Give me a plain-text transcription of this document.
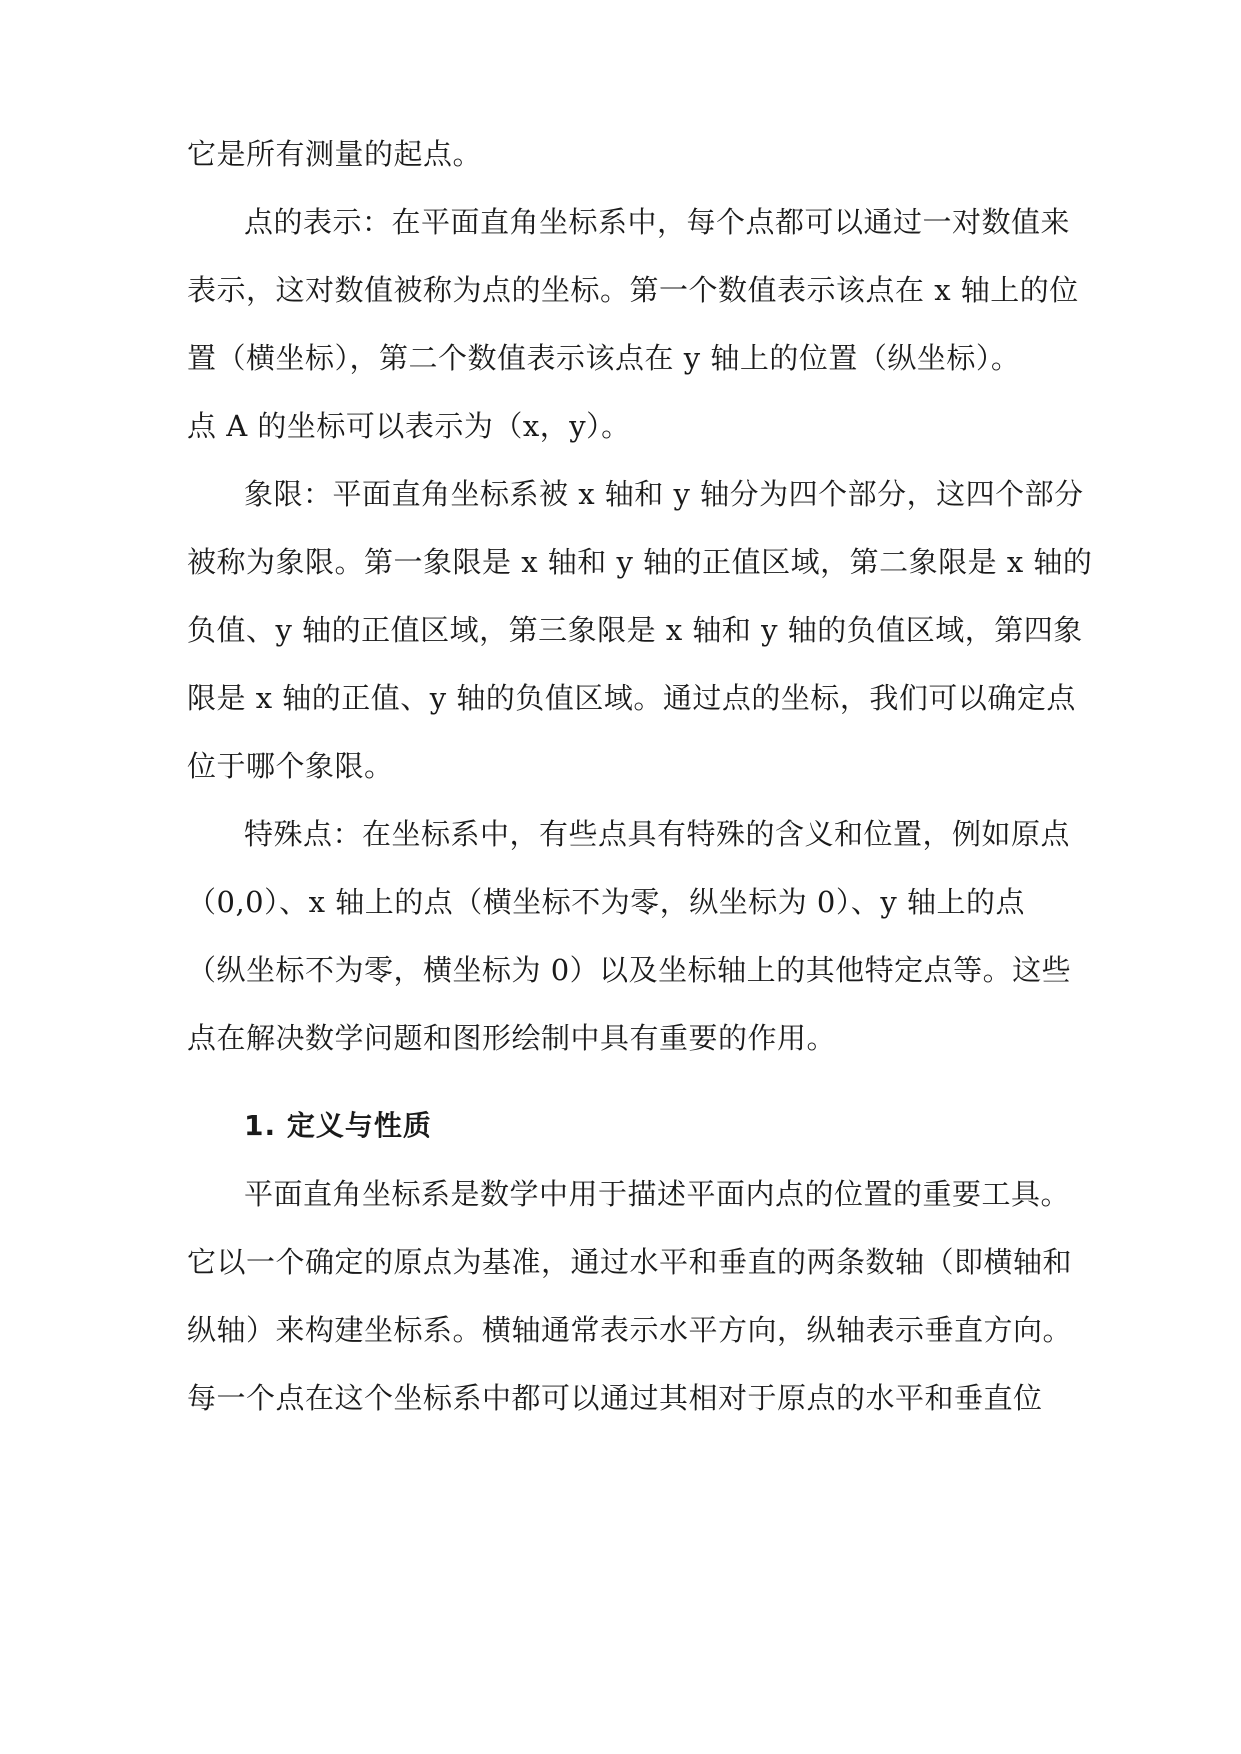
它是所有测量的起点。
点的表示：在平面直角坐标系中，每个点都可以通过一对数值来
表示，这对数值被称为点的坐标。第一个数值表示该点在 x 轴上的位
置（横坐标），第二个数值表示该点在 y 轴上的位置（纵坐标）。
点 A 的坐标可以表示为（x，y）。
象限：平面直角坐标系被 x 轴和 y 轴分为四个部分，这四个部分
被称为象限。第一象限是 x 轴和 y 轴的正值区域，第二象限是 x 轴的
负值、y 轴的正值区域，第三象限是 x 轴和 y 轴的负值区域，第四象
限是 x 轴的正值、y 轴的负值区域。通过点的坐标，我们可以确定点
位于哪个象限。
特殊点：在坐标系中，有些点具有特殊的含义和位置，例如原点
（0,0）、x 轴上的点（横坐标不为零，纵坐标为 0）、y 轴上的点
（纵坐标不为零，横坐标为 0）以及坐标轴上的其他特定点等。这些
点在解决数学问题和图形绘制中具有重要的作用。
1. 定义与性质
平面直角坐标系是数学中用于描述平面内点的位置的重要工具。
它以一个确定的原点为基准，通过水平和垂直的两条数轴（即横轴和
纵轴）来构建坐标系。横轴通常表示水平方向，纵轴表示垂直方向。
每一个点在这个坐标系中都可以通过其相对于原点的水平和垂直位
